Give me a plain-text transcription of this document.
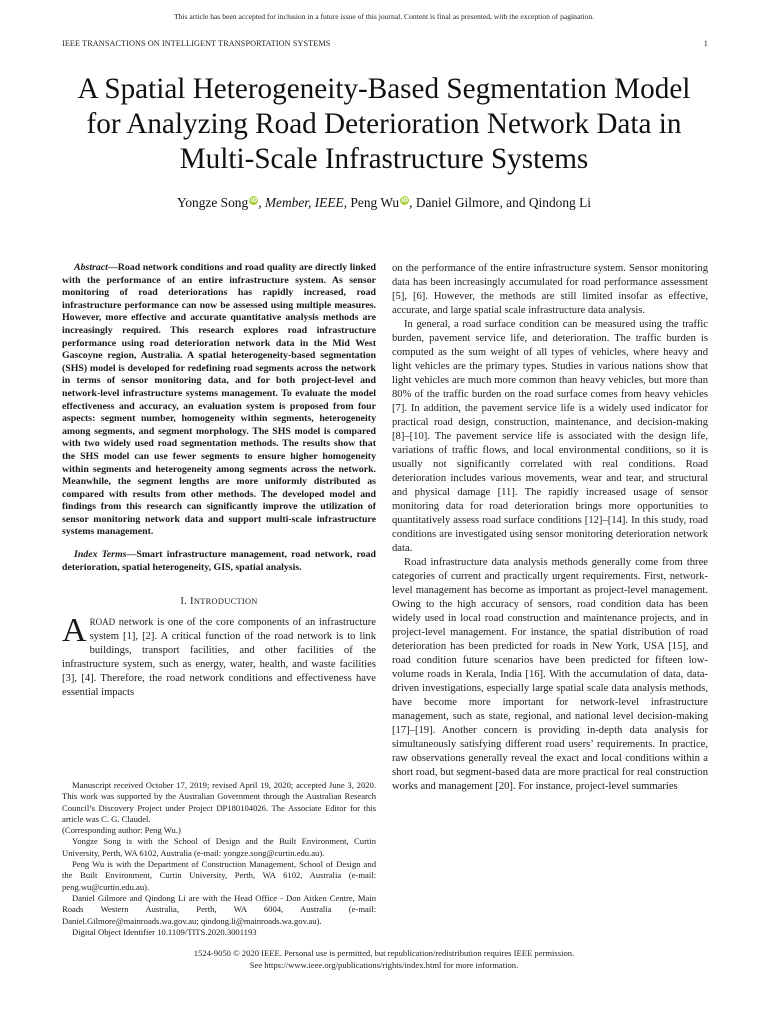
This article has been accepted for inclusion in a future issue of this journal. Content is final as presented, with the exception of pagination.
IEEE TRANSACTIONS ON INTELLIGENT TRANSPORTATION SYSTEMS	1
A Spatial Heterogeneity-Based Segmentation Model
for Analyzing Road Deterioration Network Data in
Multi-Scale Infrastructure Systems
Yongze Song iD, Member, IEEE, Peng Wu iD, Daniel Gilmore, and Qindong Li

Abstract—Road network conditions and road quality are directly linked with the performance of an entire infrastructure system. As sensor monitoring of road deteriorations has rapidly increased, road infrastructure performance can now be assessed using multiple measures. However, more effective and accurate quantitative analysis methods are increasingly required. This research explores road infrastructure performance using road deterioration network data in the Mid West Gascoyne region, Australia. A spatial heterogeneity-based segmentation (SHS) model is developed for redefining road segments across the network in terms of sensor monitoring data, and for both project-level and network-level infrastructure systems management. To evaluate the model effectiveness and accuracy, an evaluation system is proposed from four aspects: segment number, homogeneity within segments, heterogeneity among segments, and segment morphology. The SHS model is compared with two widely used road segmentation methods. The results show that the SHS model can use fewer segments to ensure higher homogeneity within segments and heterogeneity among segments across the network. Meanwhile, the segment lengths are more uniformly distributed as compared with results from other methods. The developed model and findings from this research can significantly improve the utilization of sensor monitoring network data and support multi-scale infrastructure systems management.

Index Terms—Smart infrastructure management, road network, road deterioration, spatial heterogeneity, GIS, spatial analysis.

I. INTRODUCTION

AROAD network is one of the core components of an infrastructure system [1], [2]. A critical function of the road network is to link buildings, transport facilities, and other facilities of the infrastructure system, such as energy, water, health, and waste facilities [3], [4]. Therefore, the road network conditions and effectiveness have essential impacts

Manuscript received October 17, 2019; revised April 19, 2020; accepted June 3, 2020. This work was supported by the Australian Government through the Australian Research Council’s Discovery Project under Project DP180104026. The Associate Editor for this article was C. G. Claudel.

(Corresponding author: Peng Wu.)

Yongze Song is with the School of Design and the Built Environment, Curtin University, Perth, WA 6102, Australia (e-mail: yongze.song@curtin.edu.au).

Peng Wu is with the Department of Construction Management, School of Design and the Built Environment, Curtin University, Perth, WA 6102, Australia (e-mail: peng.wu@curtin.edu.au).

Daniel Gilmore and Qindong Li are with the Head Office - Don Aitken Centre, Main Roads Western Australia, Perth, WA 6004, Australia (e-mail: Daniel.Gilmore@mainroads.wa.gov.au; qindong.li@mainroads.wa.gov.au).

Digital Object Identifier 10.1109/TITS.2020.3001193

on the performance of the entire infrastructure system. Sensor monitoring data has been increasingly accumulated for road performance assessment [5], [6]. However, the methods are still limited insofar as effective, accurate, and large spatial scale infrastructure data analysis.

In general, a road surface condition can be measured using the traffic burden, pavement service life, and deterioration. The traffic burden is computed as the sum weight of all types of vehicles, where heavy and light vehicles are the primary types. Studies in various nations show that light vehicles are much more common than heavy vehicles, but more than 80% of the traffic burden on the road surface comes from heavy vehicles [7]. In addition, the pavement service life is a widely used indicator for practical road design, construction, maintenance, and decision-making [8]–[10]. The pavement service life is associated with the design life, variations of traffic flows, and local environmental conditions, so it is usually not significantly correlated with real conditions. Road deterioration includes various movements, wear and tear, and structural and physical damage [11]. The rapidly increased usage of sensor monitoring data for road deterioration brings more opportunities to quantitatively assess road surface conditions [12]–[14]. In this study, road conditions are investigated using sensor monitoring deterioration network data.

Road infrastructure data analysis methods generally come from three categories of current and practically urgent requirements. First, network-level management has become as important as project-level management. Owing to the high accuracy of sensors, road condition data has been widely used in local road construction and maintenance projects, and in project-level management. For instance, the spatial distribution of road deterioration has been predicted for roads in New York, USA [15], and road condition future scenarios have been predicted for fifteen low-volume roads in Kerala, India [16]. With the accumulation of data, data-driven investigations, especially large spatial scale data analysis methods, have become more important for network-level infrastructure management, such as state, regional, and national level decision-making [17]–[19]. Another concern is providing in-depth data analysis for simultaneously satisfying different road users’ requirements. In practice, raw observations generally reveal the exact and local conditions within a short road, but segment-based data are more practical for real construction works and management [20]. For instance, project-level summaries

1524-9050 © 2020 IEEE. Personal use is permitted, but republication/redistribution requires IEEE permission.
See https://www.ieee.org/publications/rights/index.html for more information.
